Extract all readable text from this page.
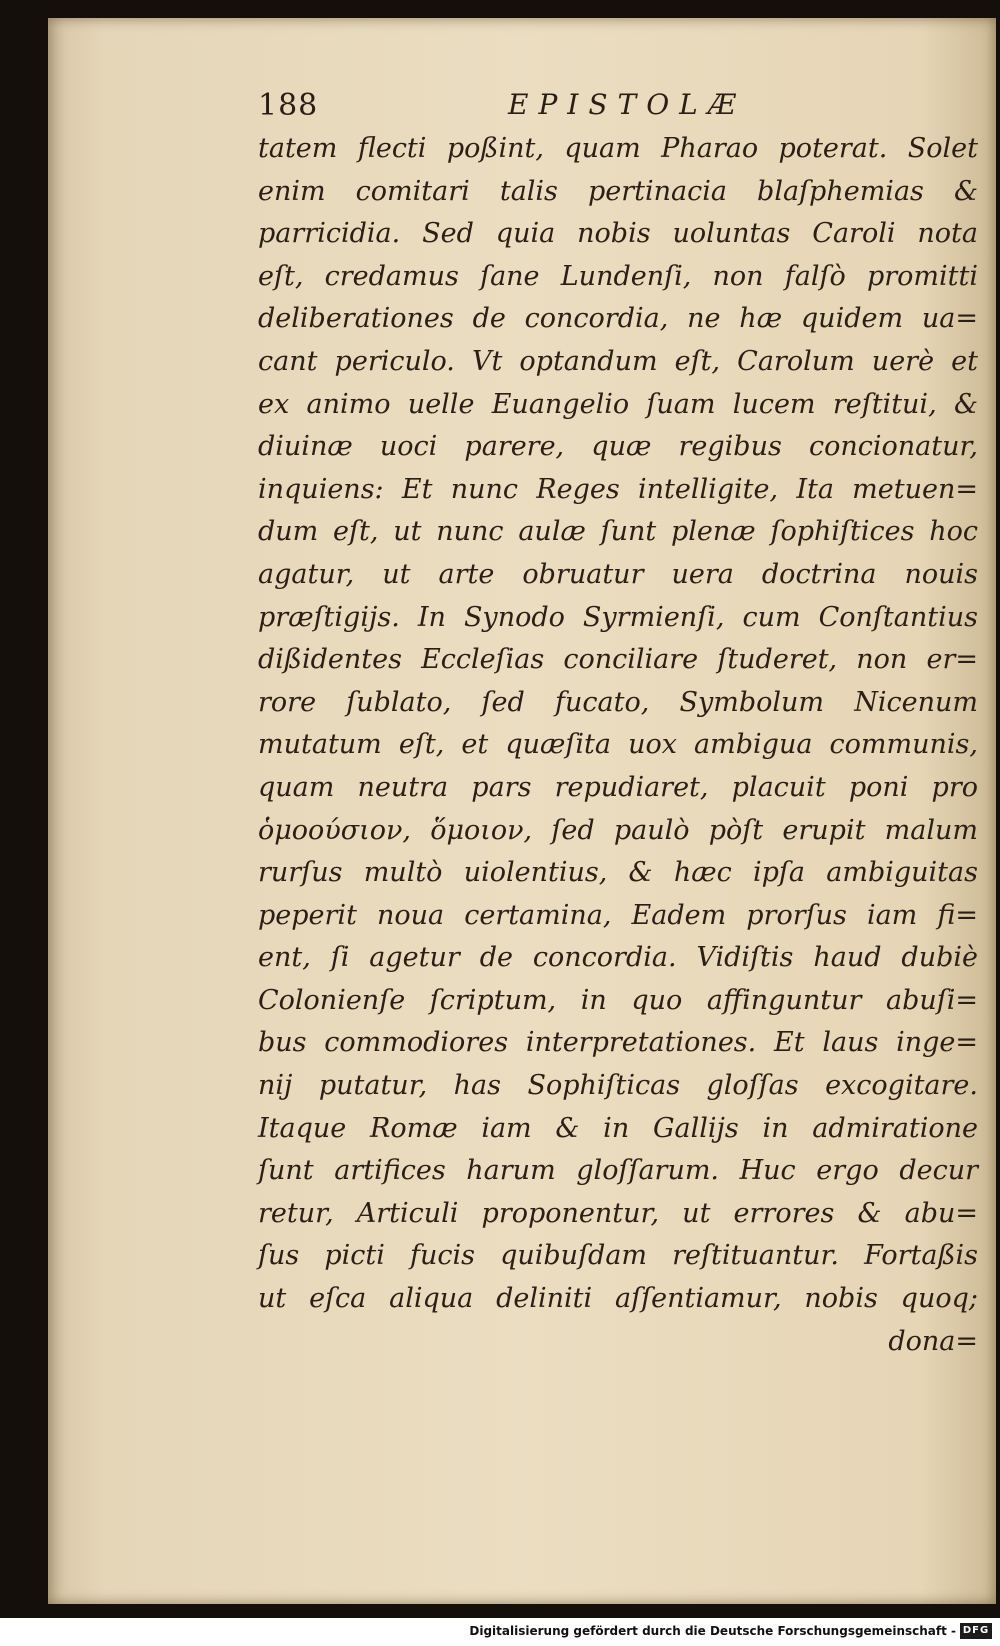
188	EPISTOLÆ
tatem flecti poßint, quam Pharao poterat. Solet
enim comitari talis pertinacia blaſphemias &
parricidia. Sed quia nobis uoluntas Caroli nota
eſt, credamus ſane Lundenſi, non falſò promitti
deliberationes de concordia, ne hæ quidem ua=
cant periculo. Vt optandum eſt, Carolum uerè et
ex animo uelle Euangelio ſuam lucem reſtitui, &
diuinæ uoci parere, quæ regibus concionatur,
inquiens: Et nunc Reges intelligite, Ita metuen=
dum eſt, ut nunc aulæ ſunt plenæ ſophiſtices hoc
agatur, ut arte obruatur uera doctrina nouis
præſtigijs. In Synodo Syrmienſi, cum Conſtantius
dißidentes Eccleſias conciliare ſtuderet, non er=
rore ſublato, ſed fucato, Symbolum Nicenum
mutatum eſt, et quæſita uox ambigua communis,
quam neutra pars repudiaret, placuit poni pro
ὁμοούσιον, ὅμοιον, ſed paulò pòſt erupit malum
rurſus multò uiolentius, & hæc ipſa ambiguitas
peperit noua certamina, Eadem prorſus iam fi=
ent, ſi agetur de concordia. Vidiſtis haud dubiè
Colonienſe ſcriptum, in quo affinguntur abuſi=
bus commodiores interpretationes. Et laus inge=
nij putatur, has Sophiſticas gloſſas excogitare.
Itaque Romæ iam & in Gallijs in admiratione
ſunt artifices harum gloſſarum. Huc ergo decur
retur, Articuli proponentur, ut errores & abu=
ſus picti fucis quibuſdam reſtituantur. Fortaßis
ut eſca aliqua deliniti aſſentiamur, nobis quoq;
dona=
Digitalisierung gefördert durch die Deutsche Forschungsgemeinschaft - DFG
